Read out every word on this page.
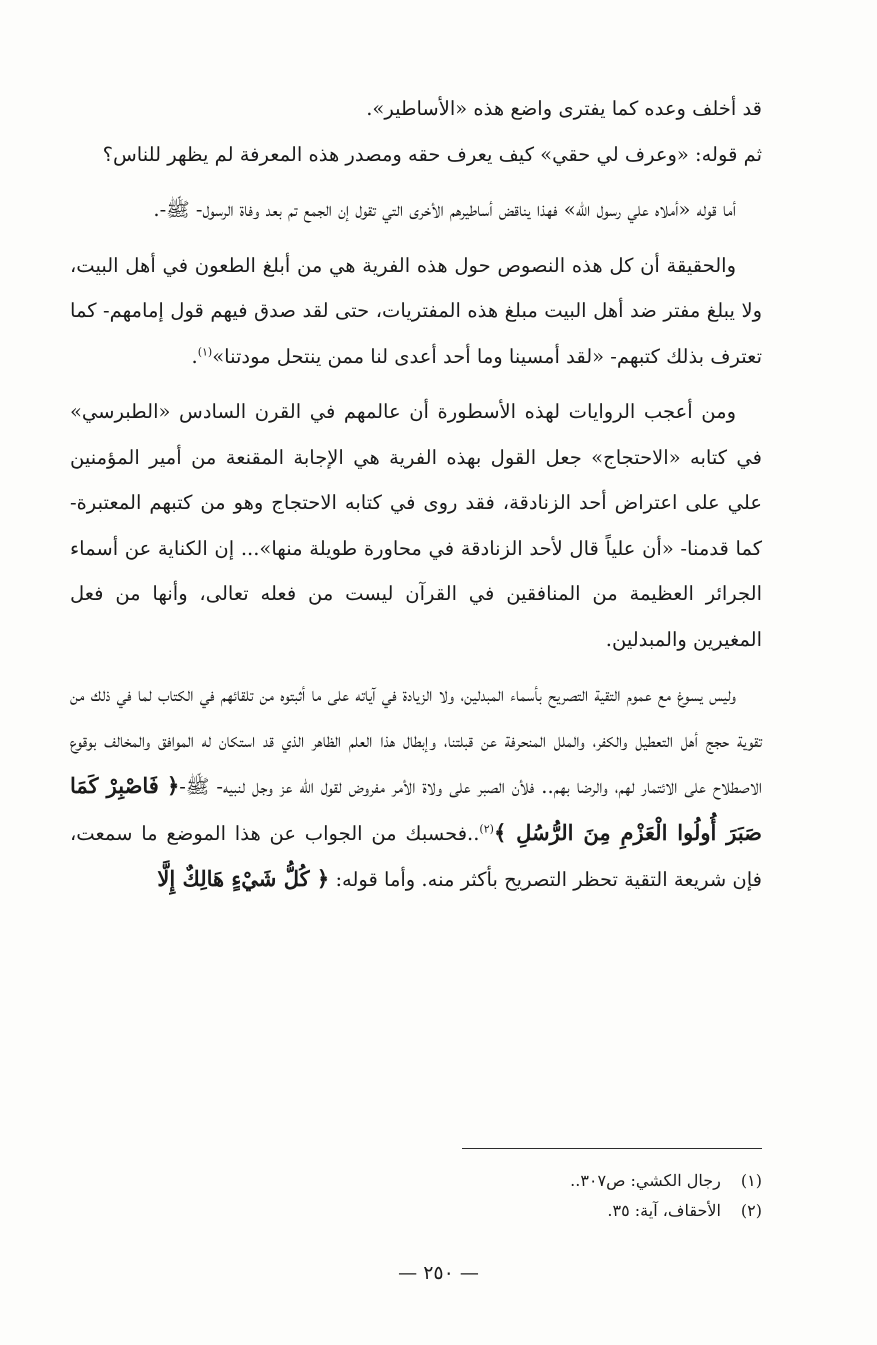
قد أخلف وعده كما يفترى واضع هذه «الأساطير».

ثم قوله: «وعرف لي حقي» كيف يعرف حقه ومصدر هذه المعرفة لم يظهر للناس؟

أما قوله «أملاه علي رسول الله» فهذا يناقض أساطيرهم الأخرى التي تقول إن الجمع تم بعد وفاة الرسول- ﷺ-.

والحقيقة أن كل هذه النصوص حول هذه الفرية هي من أبلغ الطعون في أهل البيت، ولا يبلغ مفتر ضد أهل البيت مبلغ هذه المفتريات، حتى لقد صدق فيهم قول إمامهم- كما تعترف بذلك كتبهم- «لقد أمسينا وما أحد أعدى لنا ممن ينتحل مودتنا»$^{(١)}$.

ومن أعجب الروايات لهذه الأسطورة أن عالمهم في القرن السادس «الطبرسي» في كتابه «الاحتجاج» جعل القول بهذه الفرية هي الإجابة المقنعة من أمير المؤمنين علي على اعتراض أحد الزنادقة، فقد روى في كتابه الاحتجاج وهو من كتبهم المعتبرة- كما قدمنا- «أن علياً قال لأحد الزنادقة في محاورة طويلة منها»... إن الكناية عن أسماء الجرائر العظيمة من المنافقين في القرآن ليست من فعله تعالى، وأنها من فعل المغيرين والمبدلين.

وليس يسوغ مع عموم التقية التصريح بأسماء المبدلين، ولا الزيادة في آياته على ما أثبتوه من تلقائهم في الكتاب لما في ذلك من تقوية حجج أهل التعطيل والكفر، والملل المنحرفة عن قبلتنا، وإبطال هذا العلم الظاهر الذي قد استكان له الموافق والمخالف بوقوع الاصطلاح على الائتمار لهم، والرضا بهم.. فلأن الصبر على ولاة الأمر مفروض لقول الله عز وجل لنبيه- ﷺ-﴿ فَاصْبِرْ كَمَا صَبَرَ أُولُوا الْعَزْمِ مِنَ الرُّسُلِ ﴾$^{(٢)}$..فحسبك من الجواب عن هذا الموضع ما سمعت، فإن شريعة التقية تحظر التصريح بأكثر منه. وأما قوله: ﴿ كُلُّ شَيْءٍ هَالِكٌ إِلَّا

(١) رجال الكشي: ص٣٠٧..
(٢) الأحقاف، آية: ٣٥.
— ٢٥٠ —
